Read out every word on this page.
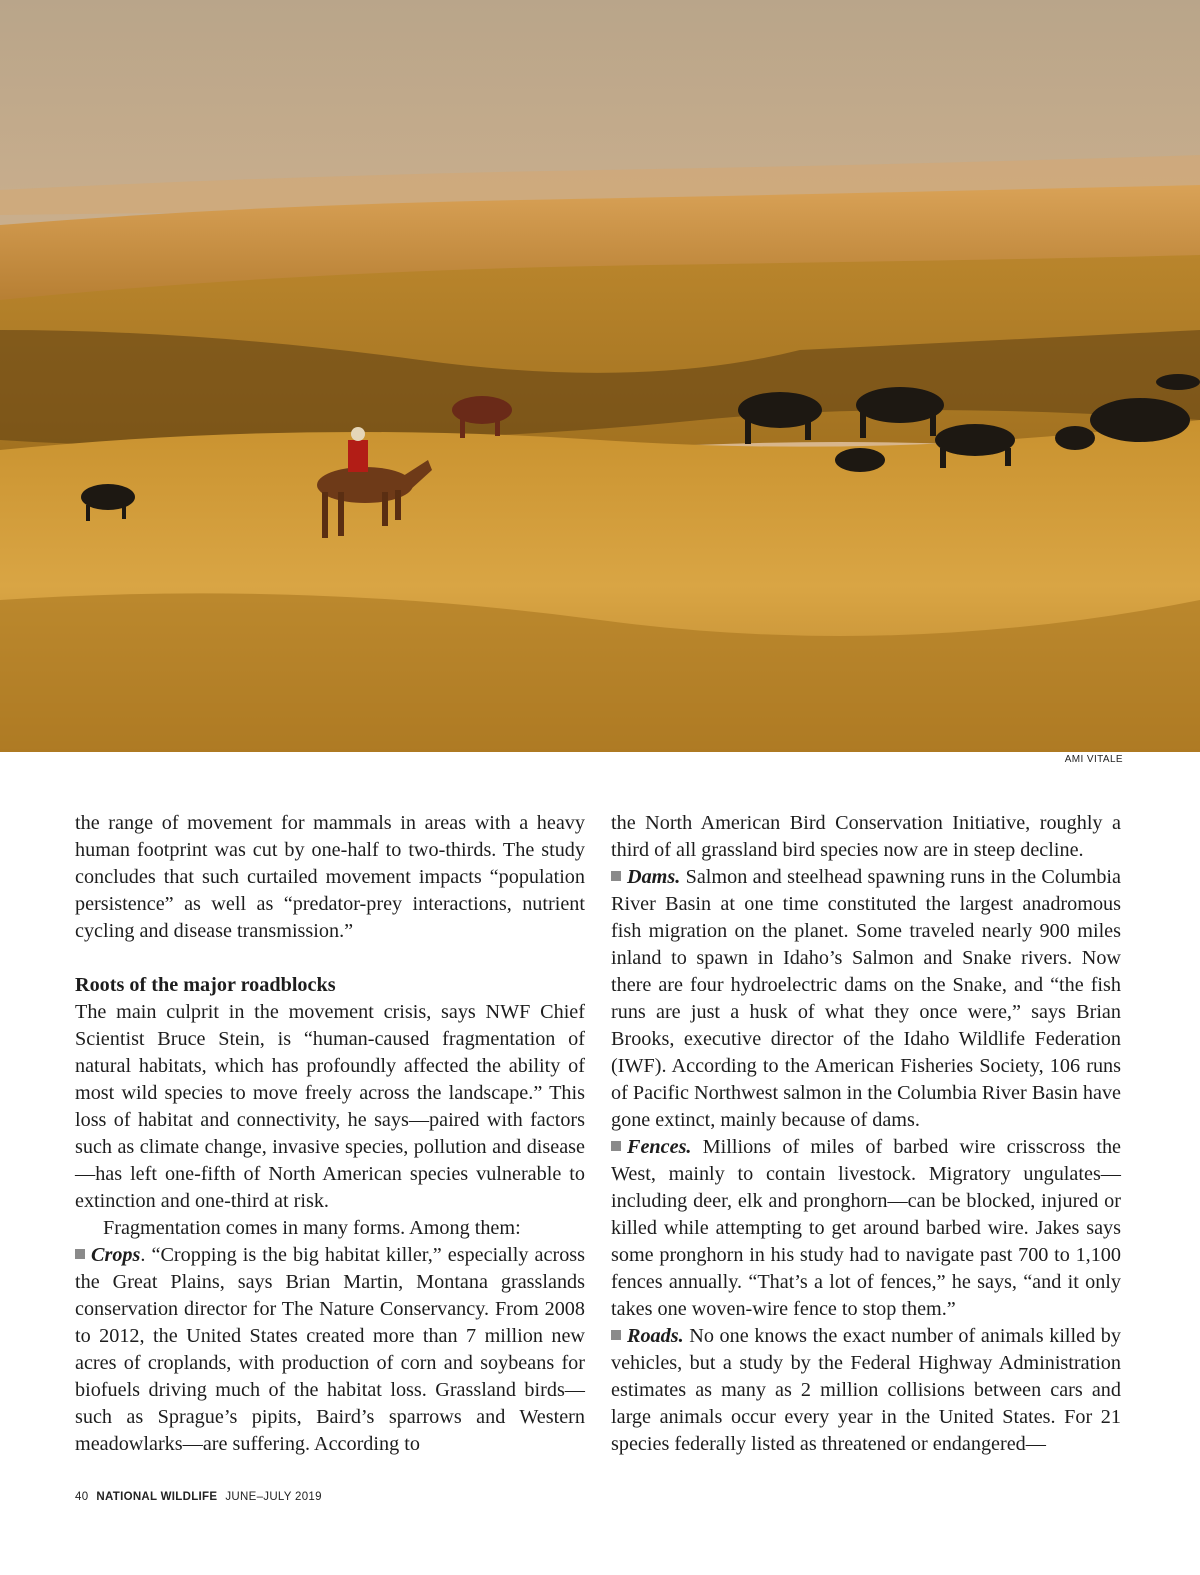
AMI VITALE

the range of movement for mammals in areas with a heavy human footprint was cut by one-half to two-thirds. The study concludes that such curtailed movement impacts “population persistence” as well as “predator-prey interactions, nutrient cycling and disease transmission.”

Roots of the major roadblocks

The main culprit in the movement crisis, says NWF Chief Scientist Bruce Stein, is “human-caused fragmentation of natural habitats, which has profoundly affected the ability of most wild species to move freely across the landscape.” This loss of habitat and connectivity, he says—paired with factors such as climate change, invasive species, pollution and disease—has left one-fifth of North American species vulnerable to extinction and one-third at risk.

Fragmentation comes in many forms. Among them:

Crops. “Cropping is the big habitat killer,” especially across the Great Plains, says Brian Martin, Montana grasslands conservation director for The Nature Conservancy. From 2008 to 2012, the United States created more than 7 million new acres of croplands, with production of corn and soybeans for biofuels driving much of the habitat loss. Grassland birds—such as Sprague’s pipits, Baird’s sparrows and Western meadowlarks—are suffering. According to

the North American Bird Conservation Initiative, roughly a third of all grassland bird species now are in steep decline.

Dams. Salmon and steelhead spawning runs in the Columbia River Basin at one time constituted the largest anadromous fish migration on the planet. Some traveled nearly 900 miles inland to spawn in Idaho’s Salmon and Snake rivers. Now there are four hydroelectric dams on the Snake, and “the fish runs are just a husk of what they once were,” says Brian Brooks, executive director of the Idaho Wildlife Federation (IWF). According to the American Fisheries Society, 106 runs of Pacific Northwest salmon in the Columbia River Basin have gone extinct, mainly because of dams.

Fences. Millions of miles of barbed wire crisscross the West, mainly to contain livestock. Migratory ungulates—including deer, elk and pronghorn—can be blocked, injured or killed while attempting to get around barbed wire. Jakes says some pronghorn in his study had to navigate past 700 to 1,100 fences annually. “That’s a lot of fences,” he says, “and it only takes one woven-wire fence to stop them.”

Roads. No one knows the exact number of animals killed by vehicles, but a study by the Federal Highway Administration estimates as many as 2 million collisions between cars and large animals occur every year in the United States. For 21 species federally listed as threatened or endangered—

40 NATIONAL WILDLIFE JUNE–JULY 2019
